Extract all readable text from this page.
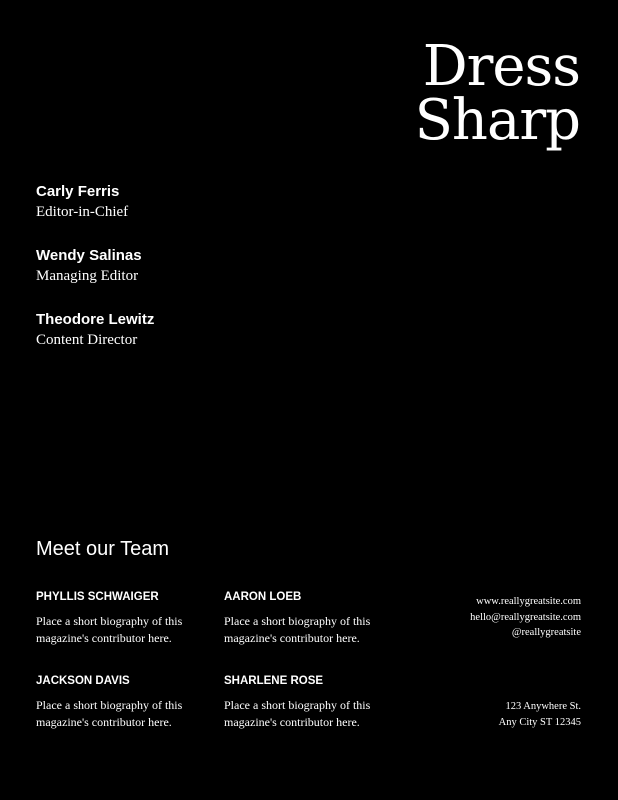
Dress
Sharp
Carly Ferris
Editor-in-Chief
Wendy Salinas
Managing Editor
Theodore Lewitz
Content Director
Meet our Team
PHYLLIS SCHWAIGER
Place a short biography of this magazine's contributor here.
AARON LOEB
Place a short biography of this magazine's contributor here.
JACKSON DAVIS
Place a short biography of this magazine's contributor here.
SHARLENE ROSE
Place a short biography of this magazine's contributor here.
www.reallygreatsite.com
hello@reallygreatsite.com
@reallygreatsite
123 Anywhere St.
Any City ST 12345
